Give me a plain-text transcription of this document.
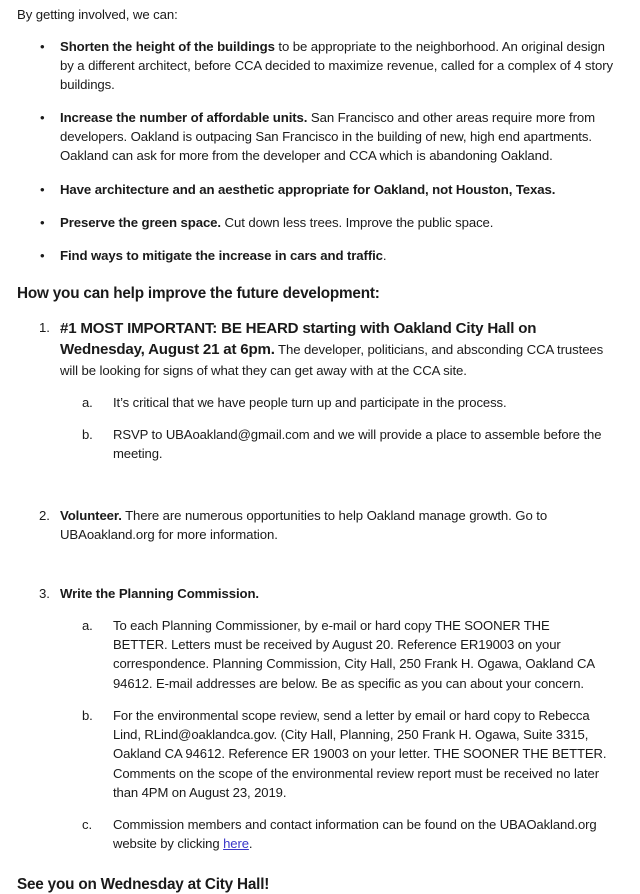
By getting involved, we can:

• Shorten the height of the buildings to be appropriate to the neighborhood. An original design by a different architect, before CCA decided to maximize revenue, called for a complex of 4 story buildings.
• Increase the number of affordable units. San Francisco and other areas require more from developers. Oakland is outpacing San Francisco in the building of new, high end apartments. Oakland can ask for more from the developer and CCA which is abandoning Oakland.
• Have architecture and an aesthetic appropriate for Oakland, not Houston, Texas.
• Preserve the green space. Cut down less trees. Improve the public space.
• Find ways to mitigate the increase in cars and traffic.
How you can help improve the future development:
1. #1 MOST IMPORTANT: BE HEARD starting with Oakland City Hall on Wednesday, August 21 at 6pm. The developer, politicians, and absconding CCA trustees will be looking for signs of what they can get away with at the CCA site.
a. It’s critical that we have people turn up and participate in the process.
b. RSVP to UBAoakland@gmail.com and we will provide a place to assemble before the meeting.
2. Volunteer. There are numerous opportunities to help Oakland manage growth. Go to UBAoakland.org for more information.
3. Write the Planning Commission.
a. To each Planning Commissioner, by e-mail or hard copy THE SOONER THE BETTER. Letters must be received by August 20. Reference ER19003 on your correspondence. Planning Commission, City Hall, 250 Frank H. Ogawa, Oakland CA 94612. E-mail addresses are below. Be as specific as you can about your concern.
b. For the environmental scope review, send a letter by email or hard copy to Rebecca Lind, RLind@oaklandca.gov. (City Hall, Planning, 250 Frank H. Ogawa, Suite 3315, Oakland CA 94612. Reference ER 19003 on your letter. THE SOONER THE BETTER. Comments on the scope of the environmental review report must be received no later than 4PM on August 23, 2019.
c. Commission members and contact information can be found on the UBAOakland.org website by clicking here.
See you on Wednesday at City Hall!
